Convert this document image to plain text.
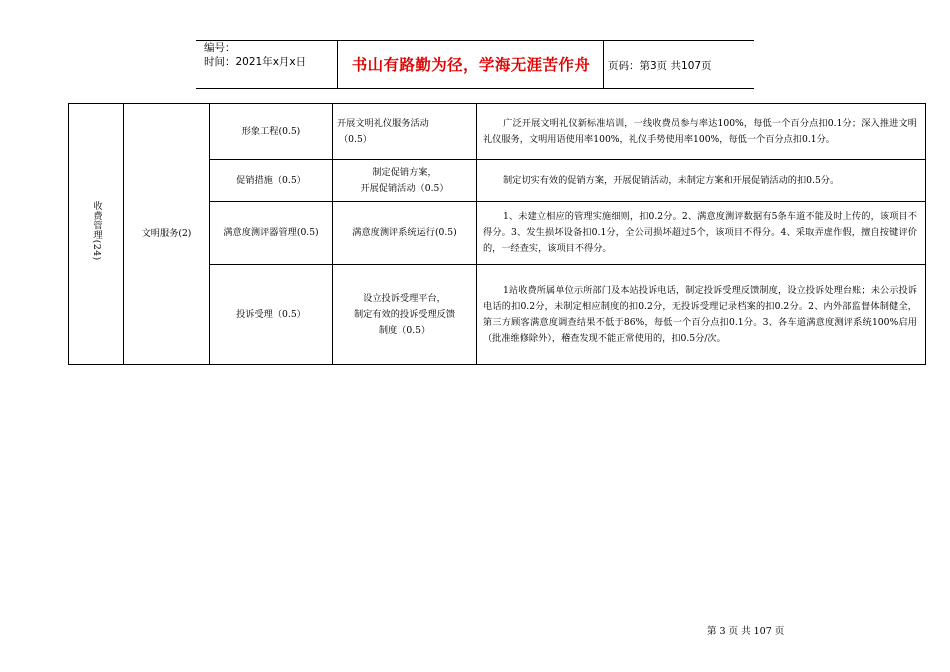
编号：
时间：2021年x月x日	书山有路勤为径，学海无涯苦作舟	页码：第3页 共107页
收费管理(24)	文明服务(2)	形象工程(0.5)	开展文明礼仪服务活动
（0.5）	广泛开展文明礼仪新标准培训，一线收费员参与率达100%，每低一个百分点扣0.1分；深入推进文明礼仪服务，文明用语使用率100%，礼仪手势使用率100%，每低一个百分点扣0.1分。
		促销措施（0.5）	制定促销方案，
开展促销活动（0.5）	制定切实有效的促销方案，开展促销活动，未制定方案和开展促销活动的扣0.5分。
		满意度测评器管理(0.5)	满意度测评系统运行(0.5)	1、未建立相应的管理实施细则，扣0.2分。2、满意度测评数据有5条车道不能及时上传的，该项目不得分。3、发生损坏设备扣0.1分，全公司损坏超过5个，该项目不得分。4、采取弄虚作假，擅自按键评价的，一经查实，该项目不得分。
		投诉受理（0.5）	设立投诉受理平台，
制定有效的投诉受理反馈
制度（0.5）	1站收费所属单位示所部门及本站投诉电话，制定投诉受理反馈制度，设立投诉处理台账；未公示投诉电话的扣0.2分，未制定相应制度的扣0.2分，无投诉受理记录档案的扣0.2分。2、内外部监督体制健全，第三方顾客满意度调查结果不低于86%，每低一个百分点扣0.1分。3、各车道满意度测评系统100%启用（批准维修除外），稽查发现不能正常使用的，扣0.5分/次。
第 3 页 共 107 页
